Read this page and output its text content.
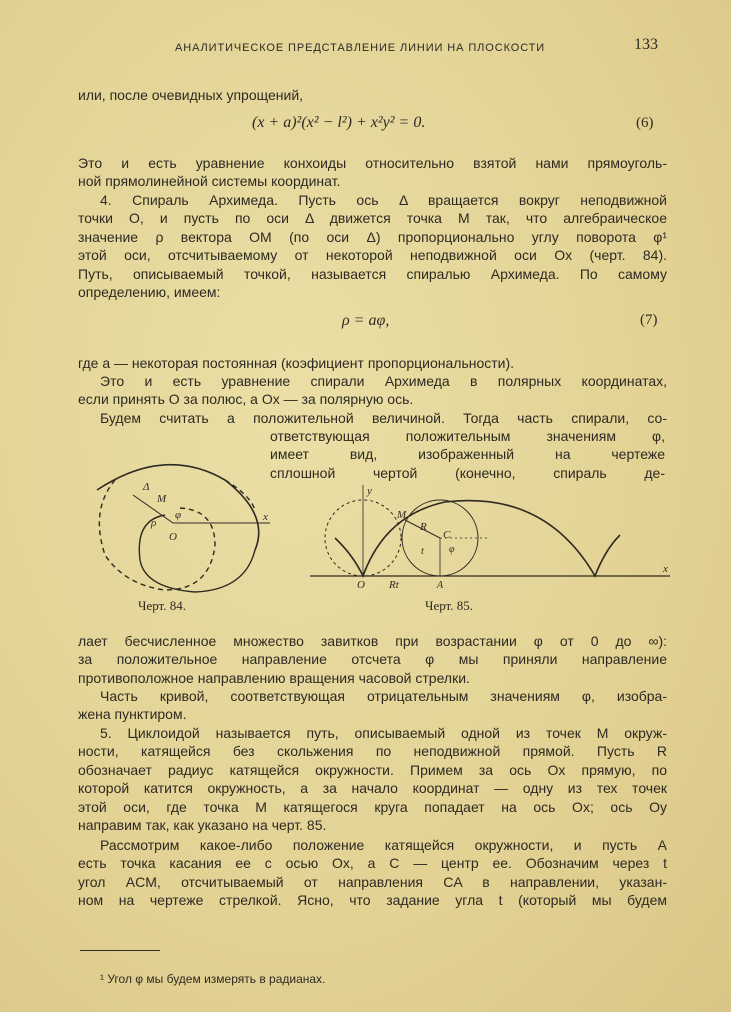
АНАЛИТИЧЕСКОЕ ПРЕДСТАВЛЕНИЕ ЛИНИИ НА ПЛОСКОСТИ	133
или, после очевидных упрощений,
(x + a)²(x² − l²) + x²y² = 0.	(6)
Это и есть уравнение конхоиды относительно взятой нами прямоуголь-
ной прямолинейной системы координат.
4. Спираль Архимеда. Пусть ось Δ вращается вокруг неподвижной
точки O, и пусть по оси Δ движется точка M так, что алгебраическое
значение ρ вектора OM (по оси Δ) пропорционально углу поворота φ¹
этой оси, отсчитываемому от некоторой неподвижной оси Ox (черт. 84).
Путь, описываемый точкой, называется спиралью Архимеда. По самому
определению, имеем:
ρ = aφ,	(7)
где a — некоторая постоянная (коэфициент пропорциональности).
Это и есть уравнение спирали Архимеда в полярных координатах,
если принять O за полюс, а Ox — за полярную ось.
Будем считать a положительной величиной. Тогда часть спирали, со-
ответствующая положительным значениям φ,
имеет вид, изображенный на чертеже
сплошной чертой (конечно, спираль де-
Δ
M
ρ
φ
O
x
Черт. 84.
y
M
R
C
t	φ
O Rt	A
x
Черт. 85.
лает бесчисленное множество завитков при возрастании φ от 0 до ∞):
за положительное направление отсчета φ мы приняли направление
противоположное направлению вращения часовой стрелки.
Часть кривой, соответствующая отрицательным значениям φ, изобра-
жена пунктиром.
5. Циклоидой называется путь, описываемый одной из точек M окруж-
ности, катящейся без скольжения по неподвижной прямой. Пусть R
обозначает радиус катящейся окружности. Примем за ось Ox прямую, по
которой катится окружность, а за начало координат — одну из тех точек
этой оси, где точка M катящегося круга попадает на ось Ox; ось Oy
направим так, как указано на черт. 85.
Рассмотрим какое-либо положение катящейся окружности, и пусть A
есть точка касания ее с осью Ox, а C — центр ее. Обозначим через t
угол ACM, отсчитываемый от направления CA в направлении, указан-
ном на чертеже стрелкой. Ясно, что задание угла t (который мы будем
¹ Угол φ мы будем измерять в радианах.
